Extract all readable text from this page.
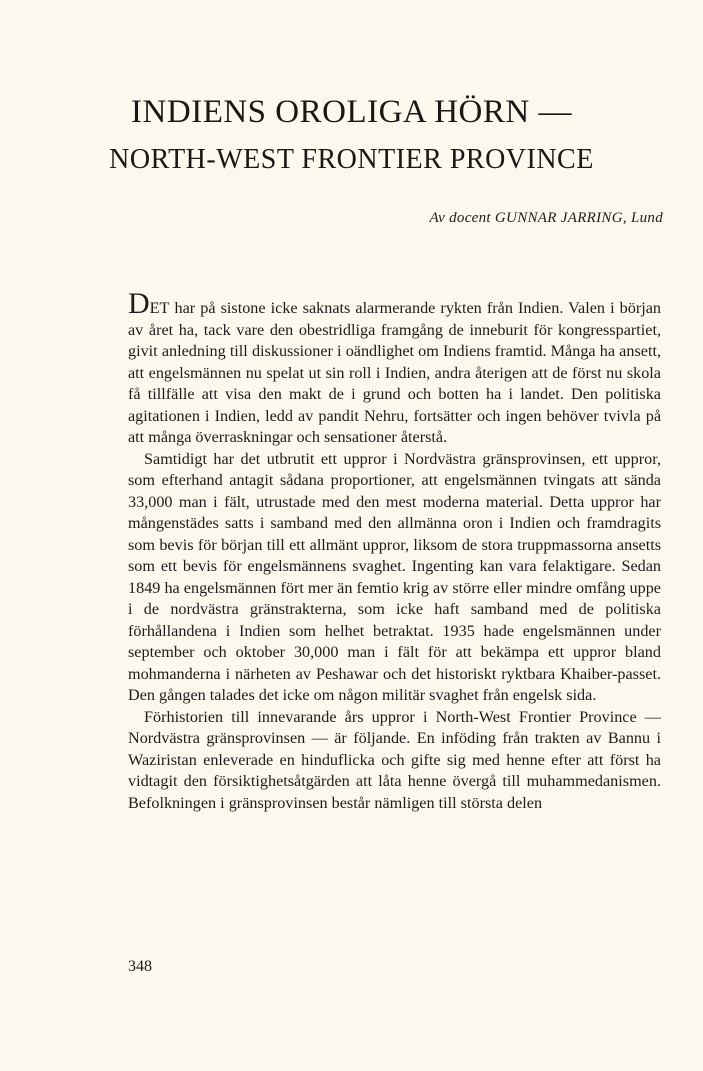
INDIENS OROLIGA HÖRN —
NORTH-WEST FRONTIER PROVINCE
Av docent GUNNAR JARRING, Lund

DET har på sistone icke saknats alarmerande rykten från Indien. Valen i början av året ha, tack vare den obestridliga framgång de inneburit för kongresspartiet, givit anledning till diskussioner i oändlighet om Indiens framtid. Många ha ansett, att engelsmännen nu spelat ut sin roll i Indien, andra återigen att de först nu skola få tillfälle att visa den makt de i grund och botten ha i landet. Den politiska agitationen i Indien, ledd av pandit Nehru, fortsätter och ingen behöver tvivla på att många överraskningar och sensationer återstå.

Samtidigt har det utbrutit ett uppror i Nordvästra gränsprovinsen, ett uppror, som efterhand antagit sådana proportioner, att engelsmännen tvingats att sända 33,000 man i fält, utrustade med den mest moderna material. Detta uppror har mångenstädes satts i samband med den allmänna oron i Indien och framdragits som bevis för början till ett allmänt uppror, liksom de stora truppmassorna ansetts som ett bevis för engelsmännens svaghet. Ingenting kan vara felaktigare. Sedan 1849 ha engelsmännen fört mer än femtio krig av större eller mindre omfång uppe i de nordvästra gränstrakterna, som icke haft samband med de politiska förhållandena i Indien som helhet betraktat. 1935 hade engelsmännen under september och oktober 30,000 man i fält för att bekämpa ett uppror bland mohmanderna i närheten av Peshawar och det historiskt ryktbara Khaiber-passet. Den gången talades det icke om någon militär svaghet från engelsk sida.

Förhistorien till innevarande års uppror i North-West Frontier Province — Nordvästra gränsprovinsen — är följande. En inföding från trakten av Bannu i Waziristan enleverade en hinduflicka och gifte sig med henne efter att först ha vidtagit den försiktighetsåtgärden att låta henne övergå till muhammedanismen. Befolkningen i gränsprovinsen består nämligen till största delen

348
